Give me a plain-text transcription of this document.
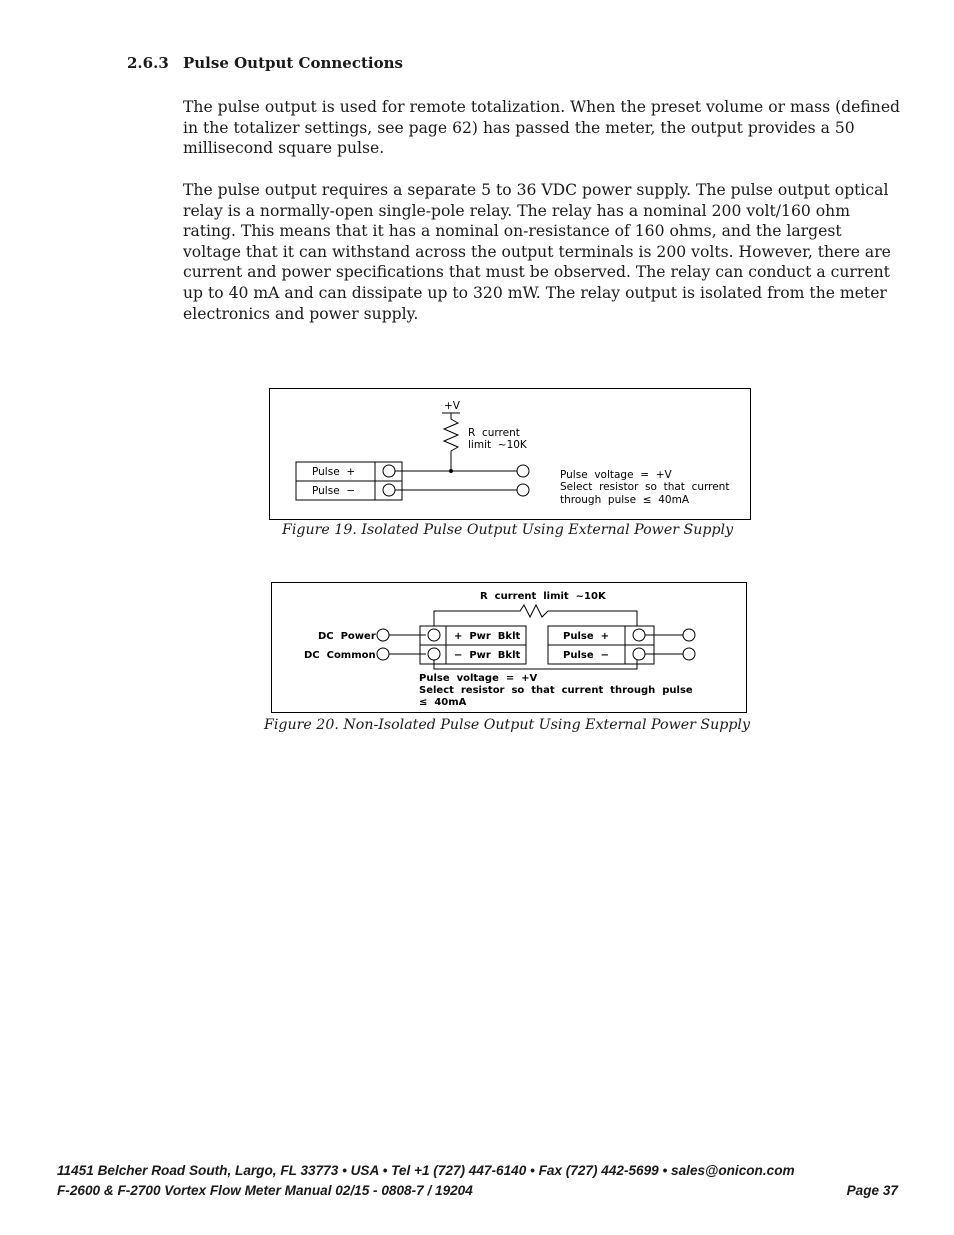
2.6.3 Pulse Output Connections

The pulse output is used for remote totalization. When the preset volume or mass (defined in the totalizer settings, see page 62) has passed the meter, the output provides a 50 millisecond square pulse.

The pulse output requires a separate 5 to 36 VDC power supply. The pulse output optical relay is a normally-open single-pole relay. The relay has a nominal 200 volt/160 ohm rating. This means that it has a nominal on-resistance of 160 ohms, and the largest voltage that it can withstand across the output terminals is 200 volts. However, there are current and power specifications that must be observed. The relay can conduct a current up to 40 mA and can dissipate up to 320 mW. The relay output is isolated from the meter electronics and power supply.

+V
R  current
limit  ~10K
Pulse  +
Pulse  −
Pulse  voltage  =  +V
Select  resistor  so  that  current
through  pulse  ≤  40mA
Figure 19. Isolated Pulse Output Using External Power Supply
R  current  limit  ~10K
DC  Power
DC  Common
+  Pwr  Bklt
−  Pwr  Bklt
Pulse  +
Pulse  −
Pulse  voltage  =  +V
Select  resistor  so  that  current  through  pulse
≤  40mA
Figure 20. Non-Isolated Pulse Output Using External Power Supply
11451 Belcher Road South, Largo, FL 33773 • USA • Tel +1 (727) 447-6140 • Fax (727) 442-5699 • sales@onicon.com
F-2600 & F-2700 Vortex Flow Meter Manual 02/15 - 0808-7 / 19204	Page 37
